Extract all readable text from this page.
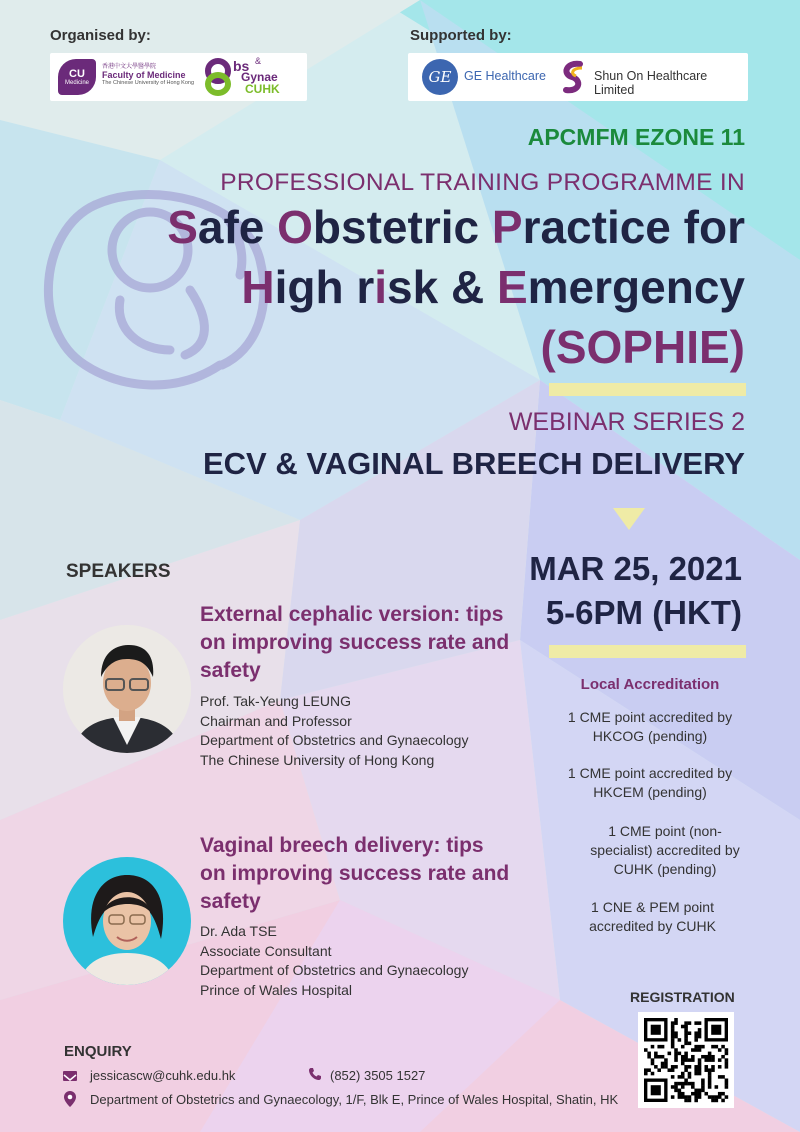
Organised by:	Supported by:
CU
Medicine
香港中文大學醫學院
Faculty of Medicine
The Chinese University of Hong Kong
bs &
Gynae
CUHK
GE	GE Healthcare	Shun On Healthcare Limited
APCMFM EZONE 11
PROFESSIONAL TRAINING PROGRAMME IN
Safe Obstetric Practice for
High risk & Emergency
(SOPHIE)
WEBINAR SERIES 2
ECV & VAGINAL BREECH DELIVERY
MAR 25, 2021
5-6PM (HKT)
SPEAKERS
External cephalic version: tips on improving success rate and safety
Prof. Tak-Yeung LEUNG
Chairman and Professor
Department of Obstetrics and Gynaecology
The Chinese University of Hong Kong
Vaginal breech delivery: tips on improving success rate and safety
Dr. Ada TSE
Associate Consultant
Department of Obstetrics and Gynaecology
Prince of Wales Hospital
Local Accreditation
1 CME point accredited by HKCOG (pending)
1 CME point accredited by HKCEM (pending)
1 CME point (non-specialist) accredited by CUHK (pending)
1 CNE & PEM point accredited by CUHK
REGISTRATION
ENQUIRY
jessicascw@cuhk.edu.hk	(852) 3505 1527
Department of Obstetrics and Gynaecology, 1/F, Blk E, Prince of Wales Hospital, Shatin, HK
